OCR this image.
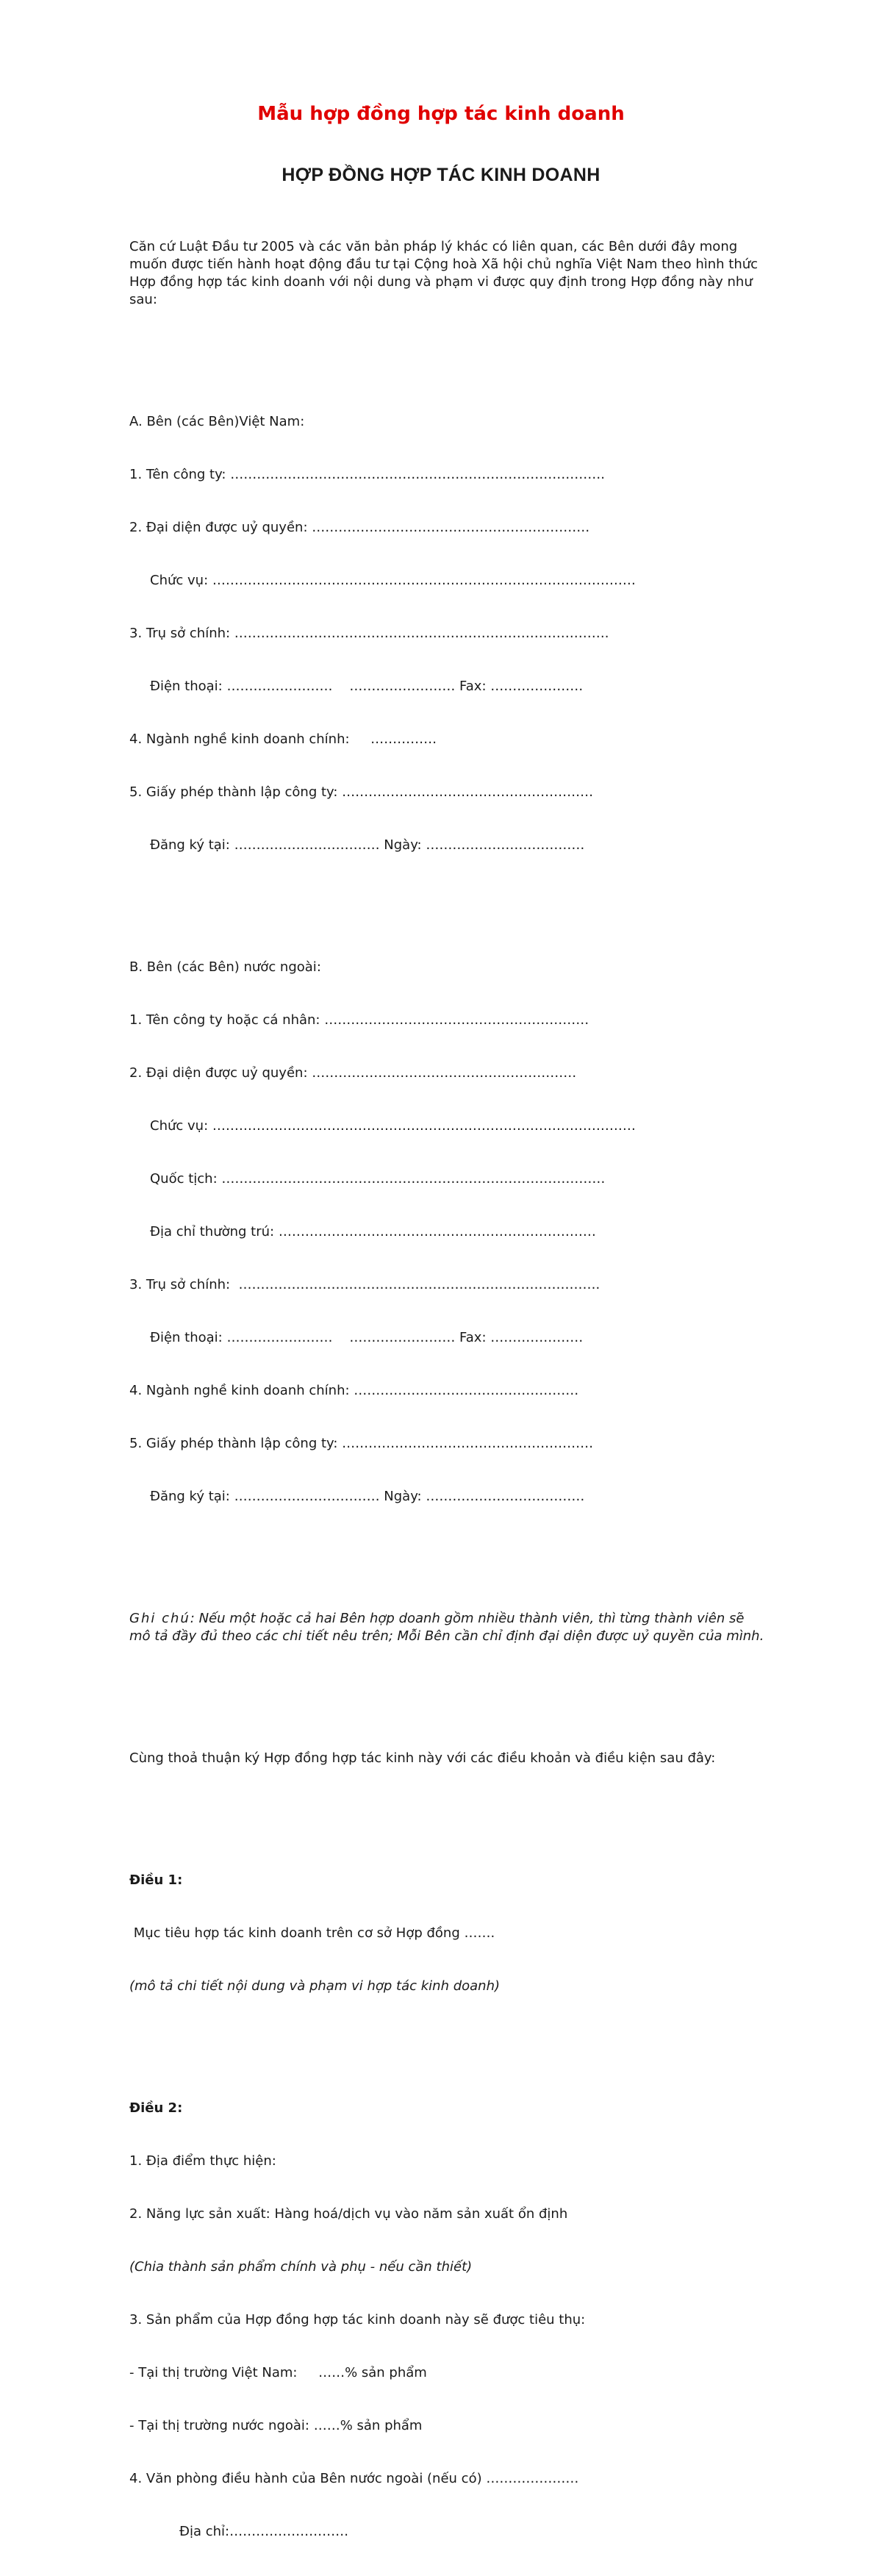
Mẫu hợp đồng hợp tác kinh doanh
HỢP ĐỒNG HỢP TÁC KINH DOANH

Căn cứ Luật Đầu tư 2005 và các văn bản pháp lý khác có liên quan, các Bên dưới đây mong muốn được tiến hành hoạt động đầu tư tại Cộng hoà Xã hội chủ nghĩa Việt Nam theo hình thức Hợp đồng hợp tác kinh doanh với nội dung và phạm vi được quy định trong Hợp đồng này như sau:

A. Bên (các Bên)Việt Nam:

1. Tên công ty: ………………………………………………………………………….

2. Đại diện được uỷ quyền: ………………………………………………………

Chức vụ: ……………………………………………………………………………………

3. Trụ sở chính: ………………………………………………………………………….

Điện thoại: ……………………    …………………… Fax: …………………

4. Ngành nghề kinh doanh chính:     ……………

5. Giấy phép thành lập công ty: …………………………………………………

Đăng ký tại: …………………………… Ngày: ………………………………

B. Bên (các Bên) nước ngoài:

1. Tên công ty hoặc cá nhân: ……………………………………………………

2. Đại diện được uỷ quyền: ……………………………………………………

Chức vụ: ……………………………………………………………………………………

Quốc tịch: ……………………………………………………………………………

Địa chỉ thường trú: ………………………………………………………………

3. Trụ sở chính:  ……………………………………………………………………….

Điện thoại: ……………………    …………………… Fax: …………………

4. Ngành nghề kinh doanh chính: ……………………………………………

5. Giấy phép thành lập công ty: …………………………………………………

Đăng ký tại: …………………………… Ngày: ………………………………

Ghi chú: Nếu một hoặc cả hai Bên hợp doanh gồm nhiều thành viên, thì từng thành viên sẽ mô tả đầy đủ theo các chi tiết nêu trên; Mỗi Bên cần chỉ định đại diện được uỷ quyền của mình.

Cùng thoả thuận ký Hợp đồng hợp tác kinh này với các điều khoản và điều kiện sau đây:

Điều 1:

Mục tiêu hợp tác kinh doanh trên cơ sở Hợp đồng …….

(mô tả chi tiết nội dung và phạm vi hợp tác kinh doanh)

Điều 2:

1. Địa điểm thực hiện:

2. Năng lực sản xuất: Hàng hoá/dịch vụ vào năm sản xuất ổn định

(Chia thành sản phẩm chính và phụ - nếu cần thiết)

3. Sản phẩm của Hợp đồng hợp tác kinh doanh này sẽ được tiêu thụ:

- Tại thị trường Việt Nam:     ……% sản phẩm

- Tại thị trường nước ngoài: ……% sản phẩm

4. Văn phòng điều hành của Bên nước ngoài (nếu có) …………………

Địa chỉ:………………………
